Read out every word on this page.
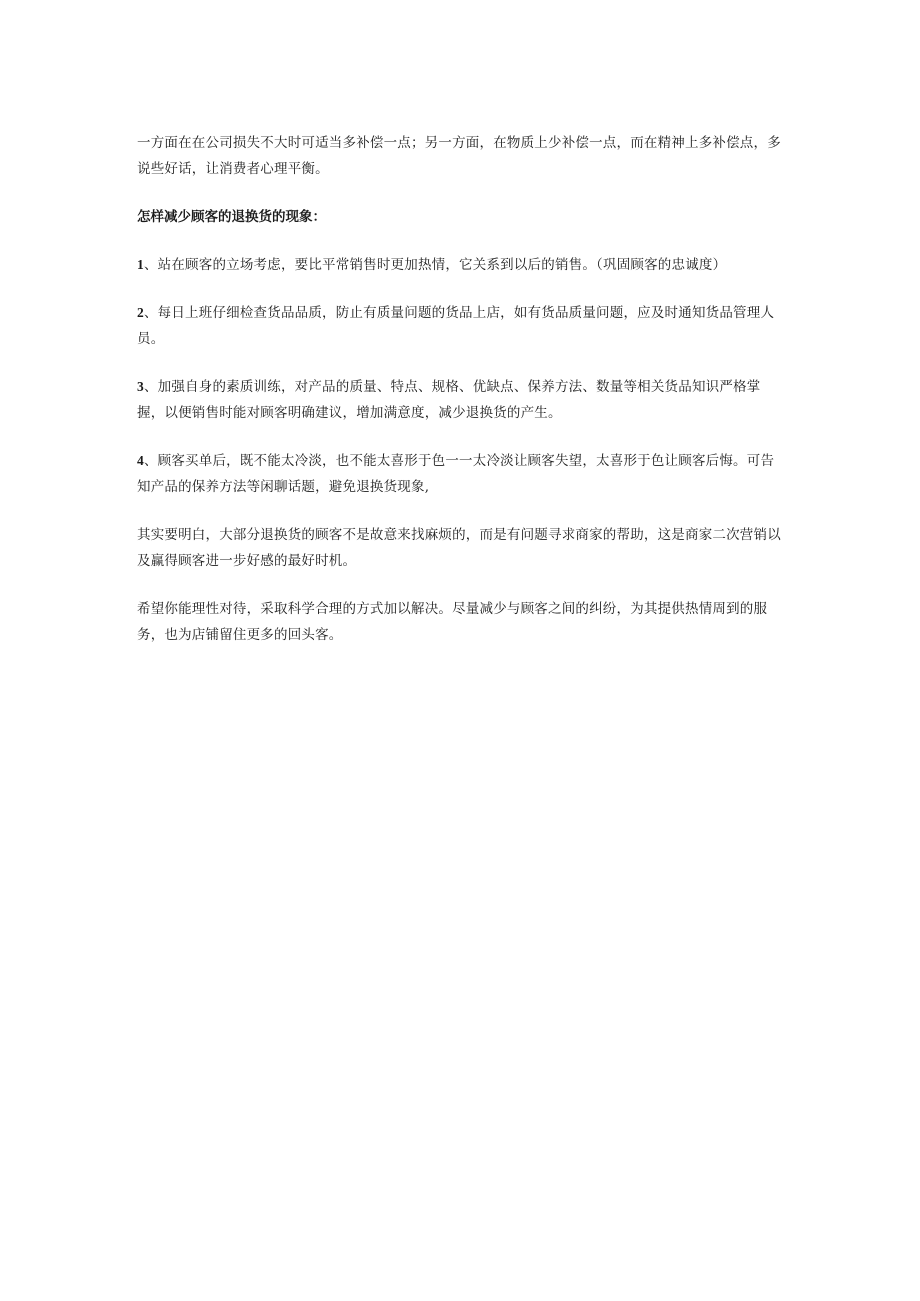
一方面在在公司损失不大时可适当多补偿一点；另一方面，在物质上少补偿一点，而在精神上多补偿点，多说些好话，让消费者心理平衡。

怎样减少顾客的退换货的现象：

1、站在顾客的立场考虑，要比平常销售时更加热情，它关系到以后的销售。（巩固顾客的忠诚度）

2、每日上班仔细检查货品品质，防止有质量问题的货品上店，如有货品质量问题，应及时通知货品管理人员。

3、加强自身的素质训练，对产品的质量、特点、规格、优缺点、保养方法、数量等相关货品知识严格掌握，以便销售时能对顾客明确建议，增加满意度，减少退换货的产生。

4、顾客买单后，既不能太冷淡，也不能太喜形于色一一太冷淡让顾客失望，太喜形于色让顾客后悔。可告知产品的保养方法等闲聊话题，避免退换货现象,

其实要明白，大部分退换货的顾客不是故意来找麻烦的，而是有问题寻求商家的帮助，这是商家二次营销以及赢得顾客进一步好感的最好时机。

希望你能理性对待，采取科学合理的方式加以解决。尽量减少与顾客之间的纠纷，为其提供热情周到的服务，也为店铺留住更多的回头客。
